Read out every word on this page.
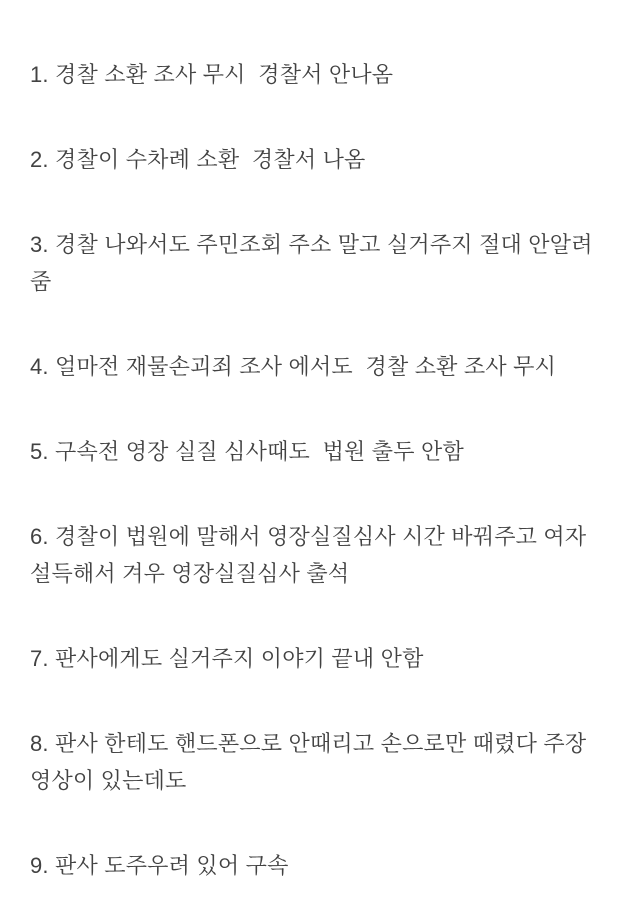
1. 경찰 소환 조사 무시  경찰서 안나옴

2. 경찰이 수차례 소환  경찰서 나옴

3. 경찰 나와서도 주민조회 주소 말고 실거주지 절대 안알려줌

4. 얼마전 재물손괴죄 조사 에서도  경찰 소환 조사 무시

5. 구속전 영장 실질 심사때도  법원 출두 안함

6. 경찰이 법원에 말해서 영장실질심사 시간 바꿔주고 여자 설득해서 겨우 영장실질심사 출석

7. 판사에게도 실거주지 이야기 끝내 안함

8. 판사 한테도 핸드폰으로 안때리고 손으로만 때렸다 주장  영상이 있는데도

9. 판사 도주우려 있어 구속
